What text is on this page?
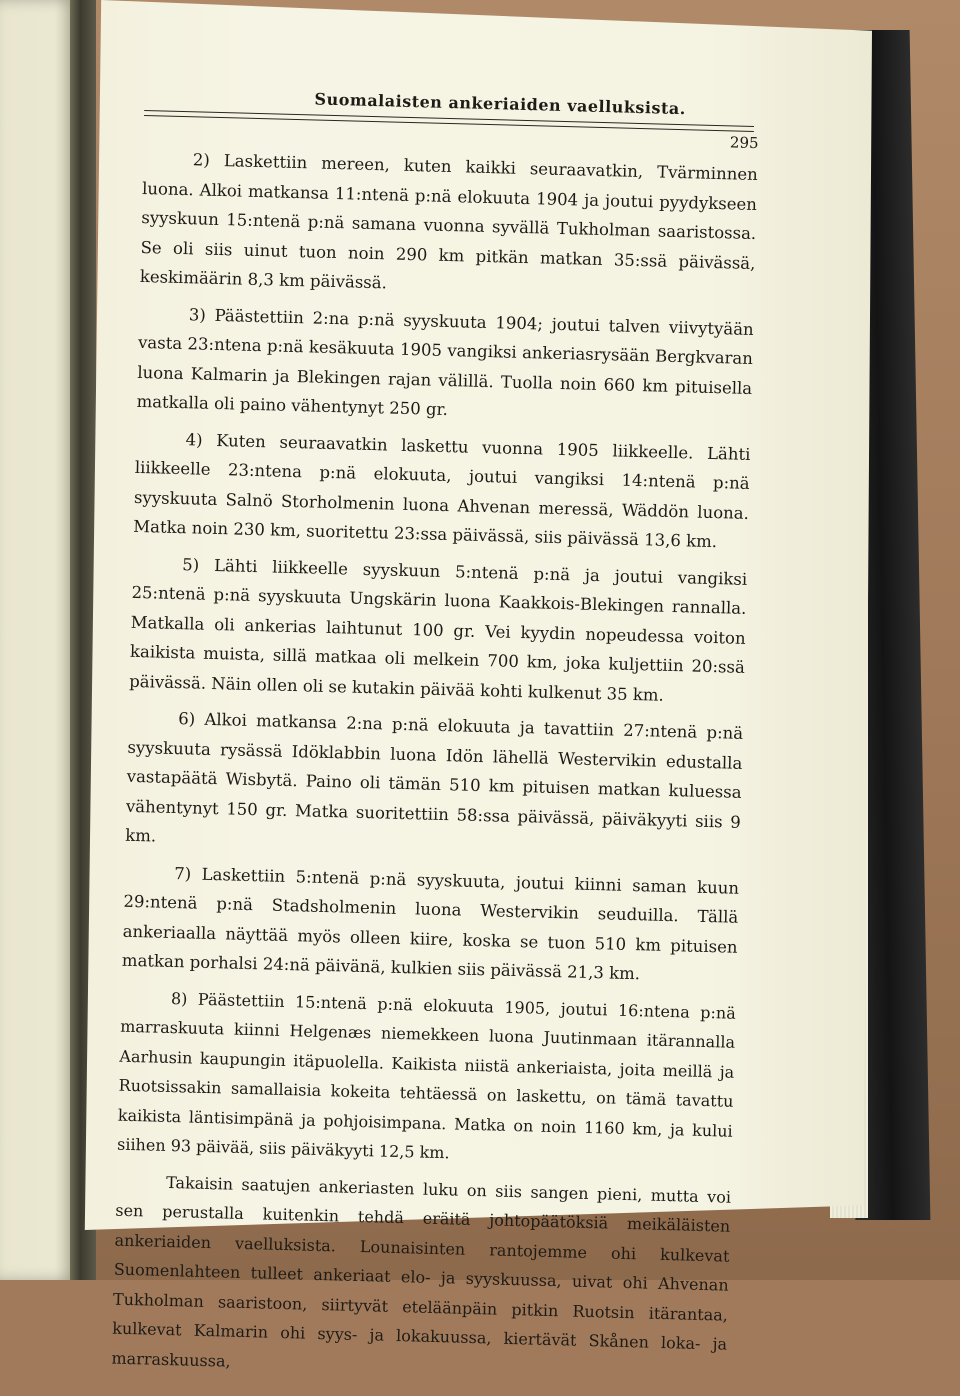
Suomalaisten ankeriaiden vaelluksista.
295

2) Laskettiin mereen, kuten kaikki seuraavatkin, Tvärminnen luona. Alkoi matkansa 11:ntenä p:nä elokuuta 1904 ja joutui pyydykseen syyskuun 15:ntenä p:nä samana vuonna syvällä Tukholman saaristossa. Se oli siis uinut tuon noin 290 km pitkän matkan 35:ssä päivässä, keskimäärin 8,3 km päivässä.

3) Päästettiin 2:na p:nä syyskuuta 1904; joutui talven viivytyään vasta 23:ntena p:nä kesäkuuta 1905 vangiksi ankeriasrysään Bergkvaran luona Kalmarin ja Blekingen rajan välillä. Tuolla noin 660 km pituisella matkalla oli paino vähentynyt 250 gr.

4) Kuten seuraavatkin laskettu vuonna 1905 liikkeelle. Lähti liikkeelle 23:ntena p:nä elokuuta, joutui vangiksi 14:ntenä p:nä syyskuuta Salnö Storholmenin luona Ahvenan meressä, Wäddön luona. Matka noin 230 km, suoritettu 23:ssa päivässä, siis päivässä 13,6 km.

5) Lähti liikkeelle syyskuun 5:ntenä p:nä ja joutui vangiksi 25:ntenä p:nä syyskuuta Ungskärin luona Kaakkois-Blekingen rannalla. Matkalla oli ankerias laihtunut 100 gr. Vei kyydin nopeudessa voiton kaikista muista, sillä matkaa oli melkein 700 km, joka kuljettiin 20:ssä päivässä. Näin ollen oli se kutakin päivää kohti kulkenut 35 km.

6) Alkoi matkansa 2:na p:nä elokuuta ja tavattiin 27:ntenä p:nä syyskuuta rysässä Idöklabbin luona Idön lähellä Westervikin edustalla vastapäätä Wisbytä. Paino oli tämän 510 km pituisen matkan kuluessa vähentynyt 150 gr. Matka suoritettiin 58:ssa päivässä, päiväkyyti siis 9 km.

7) Laskettiin 5:ntenä p:nä syyskuuta, joutui kiinni saman kuun 29:ntenä p:nä Stadsholmenin luona Westervikin seuduilla. Tällä ankeriaalla näyttää myös olleen kiire, koska se tuon 510 km pituisen matkan porhalsi 24:nä päivänä, kulkien siis päivässä 21,3 km.

8) Päästettiin 15:ntenä p:nä elokuuta 1905, joutui 16:ntena p:nä marraskuuta kiinni Helgenæs niemekkeen luona Juutinmaan itärannalla Aarhusin kaupungin itäpuolella. Kaikista niistä ankeriaista, joita meillä ja Ruotsissakin samallaisia kokeita tehtäessä on laskettu, on tämä tavattu kaikista läntisimpänä ja pohjoisimpana. Matka on noin 1160 km, ja kului siihen 93 päivää, siis päiväkyyti 12,5 km.

Takaisin saatujen ankeriasten luku on siis sangen pieni, mutta voi sen perustalla kuitenkin tehdä eräitä johtopäätöksiä meikäläisten ankeriaiden vaelluksista. Lounaisinten rantojemme ohi kulkevat Suomenlahteen tulleet ankeriaat elo- ja syyskuussa, uivat ohi Ahvenan Tukholman saaristoon, siirtyvät eteläänpäin pitkin Ruotsin itärantaa, kulkevat Kalmarin ohi syys- ja lokakuussa, kiertävät Skånen loka- ja marraskuussa,
